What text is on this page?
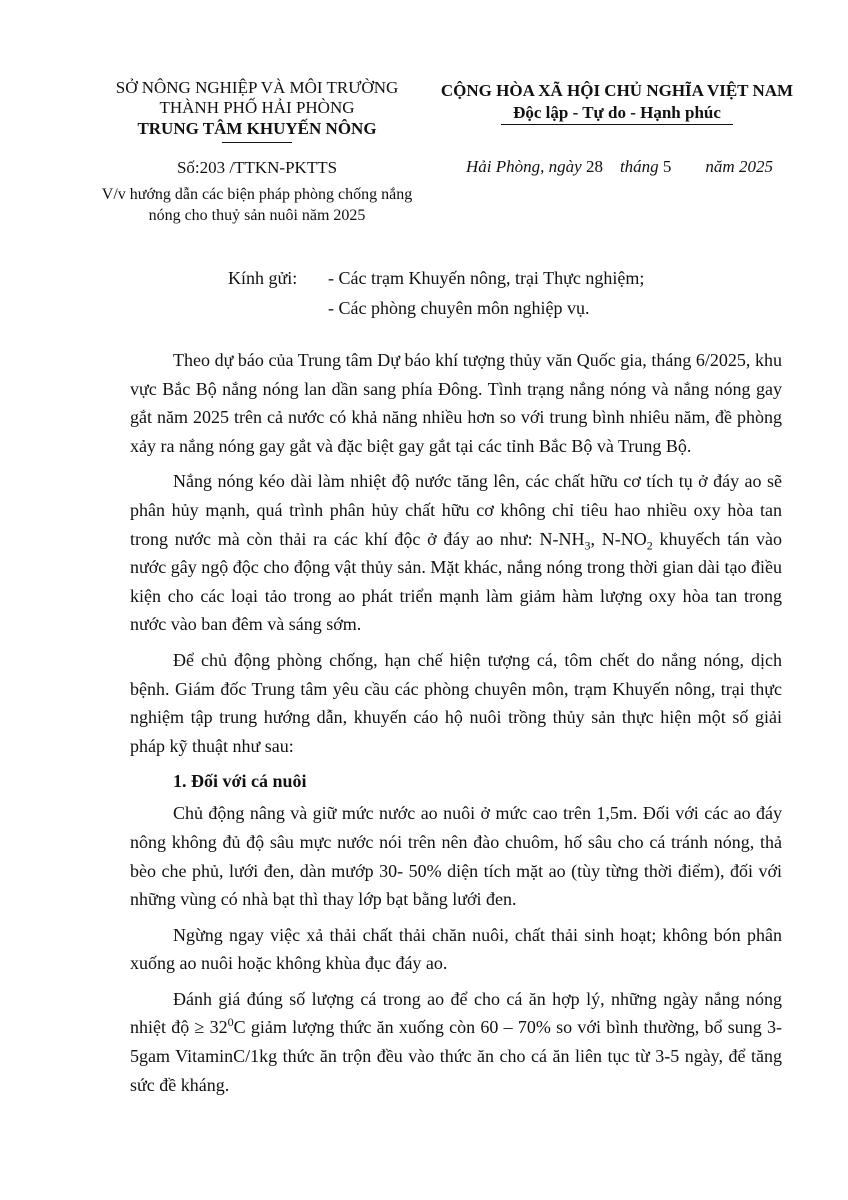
SỞ NÔNG NGHIỆP VÀ MÔI TRƯỜNG
THÀNH PHỐ HẢI PHÒNG
TRUNG TÂM KHUYẾN NÔNG
CỘNG HÒA XÃ HỘI CHỦ NGHĨA VIỆT NAM
Độc lập - Tự do - Hạnh phúc
Số:203 /TTKN-PKTTS
V/v hướng dẫn các biện pháp phòng chống nắng
nóng cho thuỷ sản nuôi năm 2025
Hải Phòng, ngày 28 tháng 5 năm 2025
Kính gửi: - Các trạm Khuyến nông, trại Thực nghiệm;
- Các phòng chuyên môn nghiệp vụ.

Theo dự báo của Trung tâm Dự báo khí tượng thủy văn Quốc gia, tháng 6/2025, khu vực Bắc Bộ nắng nóng lan dần sang phía Đông. Tình trạng nắng nóng và nắng nóng gay gắt năm 2025 trên cả nước có khả năng nhiều hơn so với trung bình nhiêu năm, đề phòng xảy ra nắng nóng gay gắt và đặc biệt gay gắt tại các tỉnh Bắc Bộ và Trung Bộ.

Nắng nóng kéo dài làm nhiệt độ nước tăng lên, các chất hữu cơ tích tụ ở đáy ao sẽ phân hủy mạnh, quá trình phân hủy chất hữu cơ không chỉ tiêu hao nhiều oxy hòa tan trong nước mà còn thải ra các khí độc ở đáy ao như: $N-NH_3$, $N-NO_2$ khuyếch tán vào nước gây ngộ độc cho động vật thủy sản. Mặt khác, nắng nóng trong thời gian dài tạo điều kiện cho các loại tảo trong ao phát triển mạnh làm giảm hàm lượng oxy hòa tan trong nước vào ban đêm và sáng sớm.

Để chủ động phòng chống, hạn chế hiện tượng cá, tôm chết do nắng nóng, dịch bệnh. Giám đốc Trung tâm yêu cầu các phòng chuyên môn, trạm Khuyến nông, trại thực nghiệm tập trung hướng dẫn, khuyến cáo hộ nuôi trồng thủy sản thực hiện một số giải pháp kỹ thuật như sau:

1. Đối với cá nuôi

Chủ động nâng và giữ mức nước ao nuôi ở mức cao trên 1,5m. Đối với các ao đáy nông không đủ độ sâu mực nước nói trên nên đào chuôm, hố sâu cho cá tránh nóng, thả bèo che phủ, lưới đen, dàn mướp 30- 50% diện tích mặt ao (tùy từng thời điểm), đối với những vùng có nhà bạt thì thay lớp bạt bằng lưới đen.

Ngừng ngay việc xả thải chất thải chăn nuôi, chất thải sinh hoạt; không bón phân xuống ao nuôi hoặc không khùa đục đáy ao.

Đánh giá đúng số lượng cá trong ao để cho cá ăn hợp lý, những ngày nắng nóng nhiệt độ ≥ $32^0C$ giảm lượng thức ăn xuống còn 60 – 70% so với bình thường, bổ sung 3-5gam VitaminC/1kg thức ăn trộn đều vào thức ăn cho cá ăn liên tục từ 3-5 ngày, để tăng sức đề kháng.
